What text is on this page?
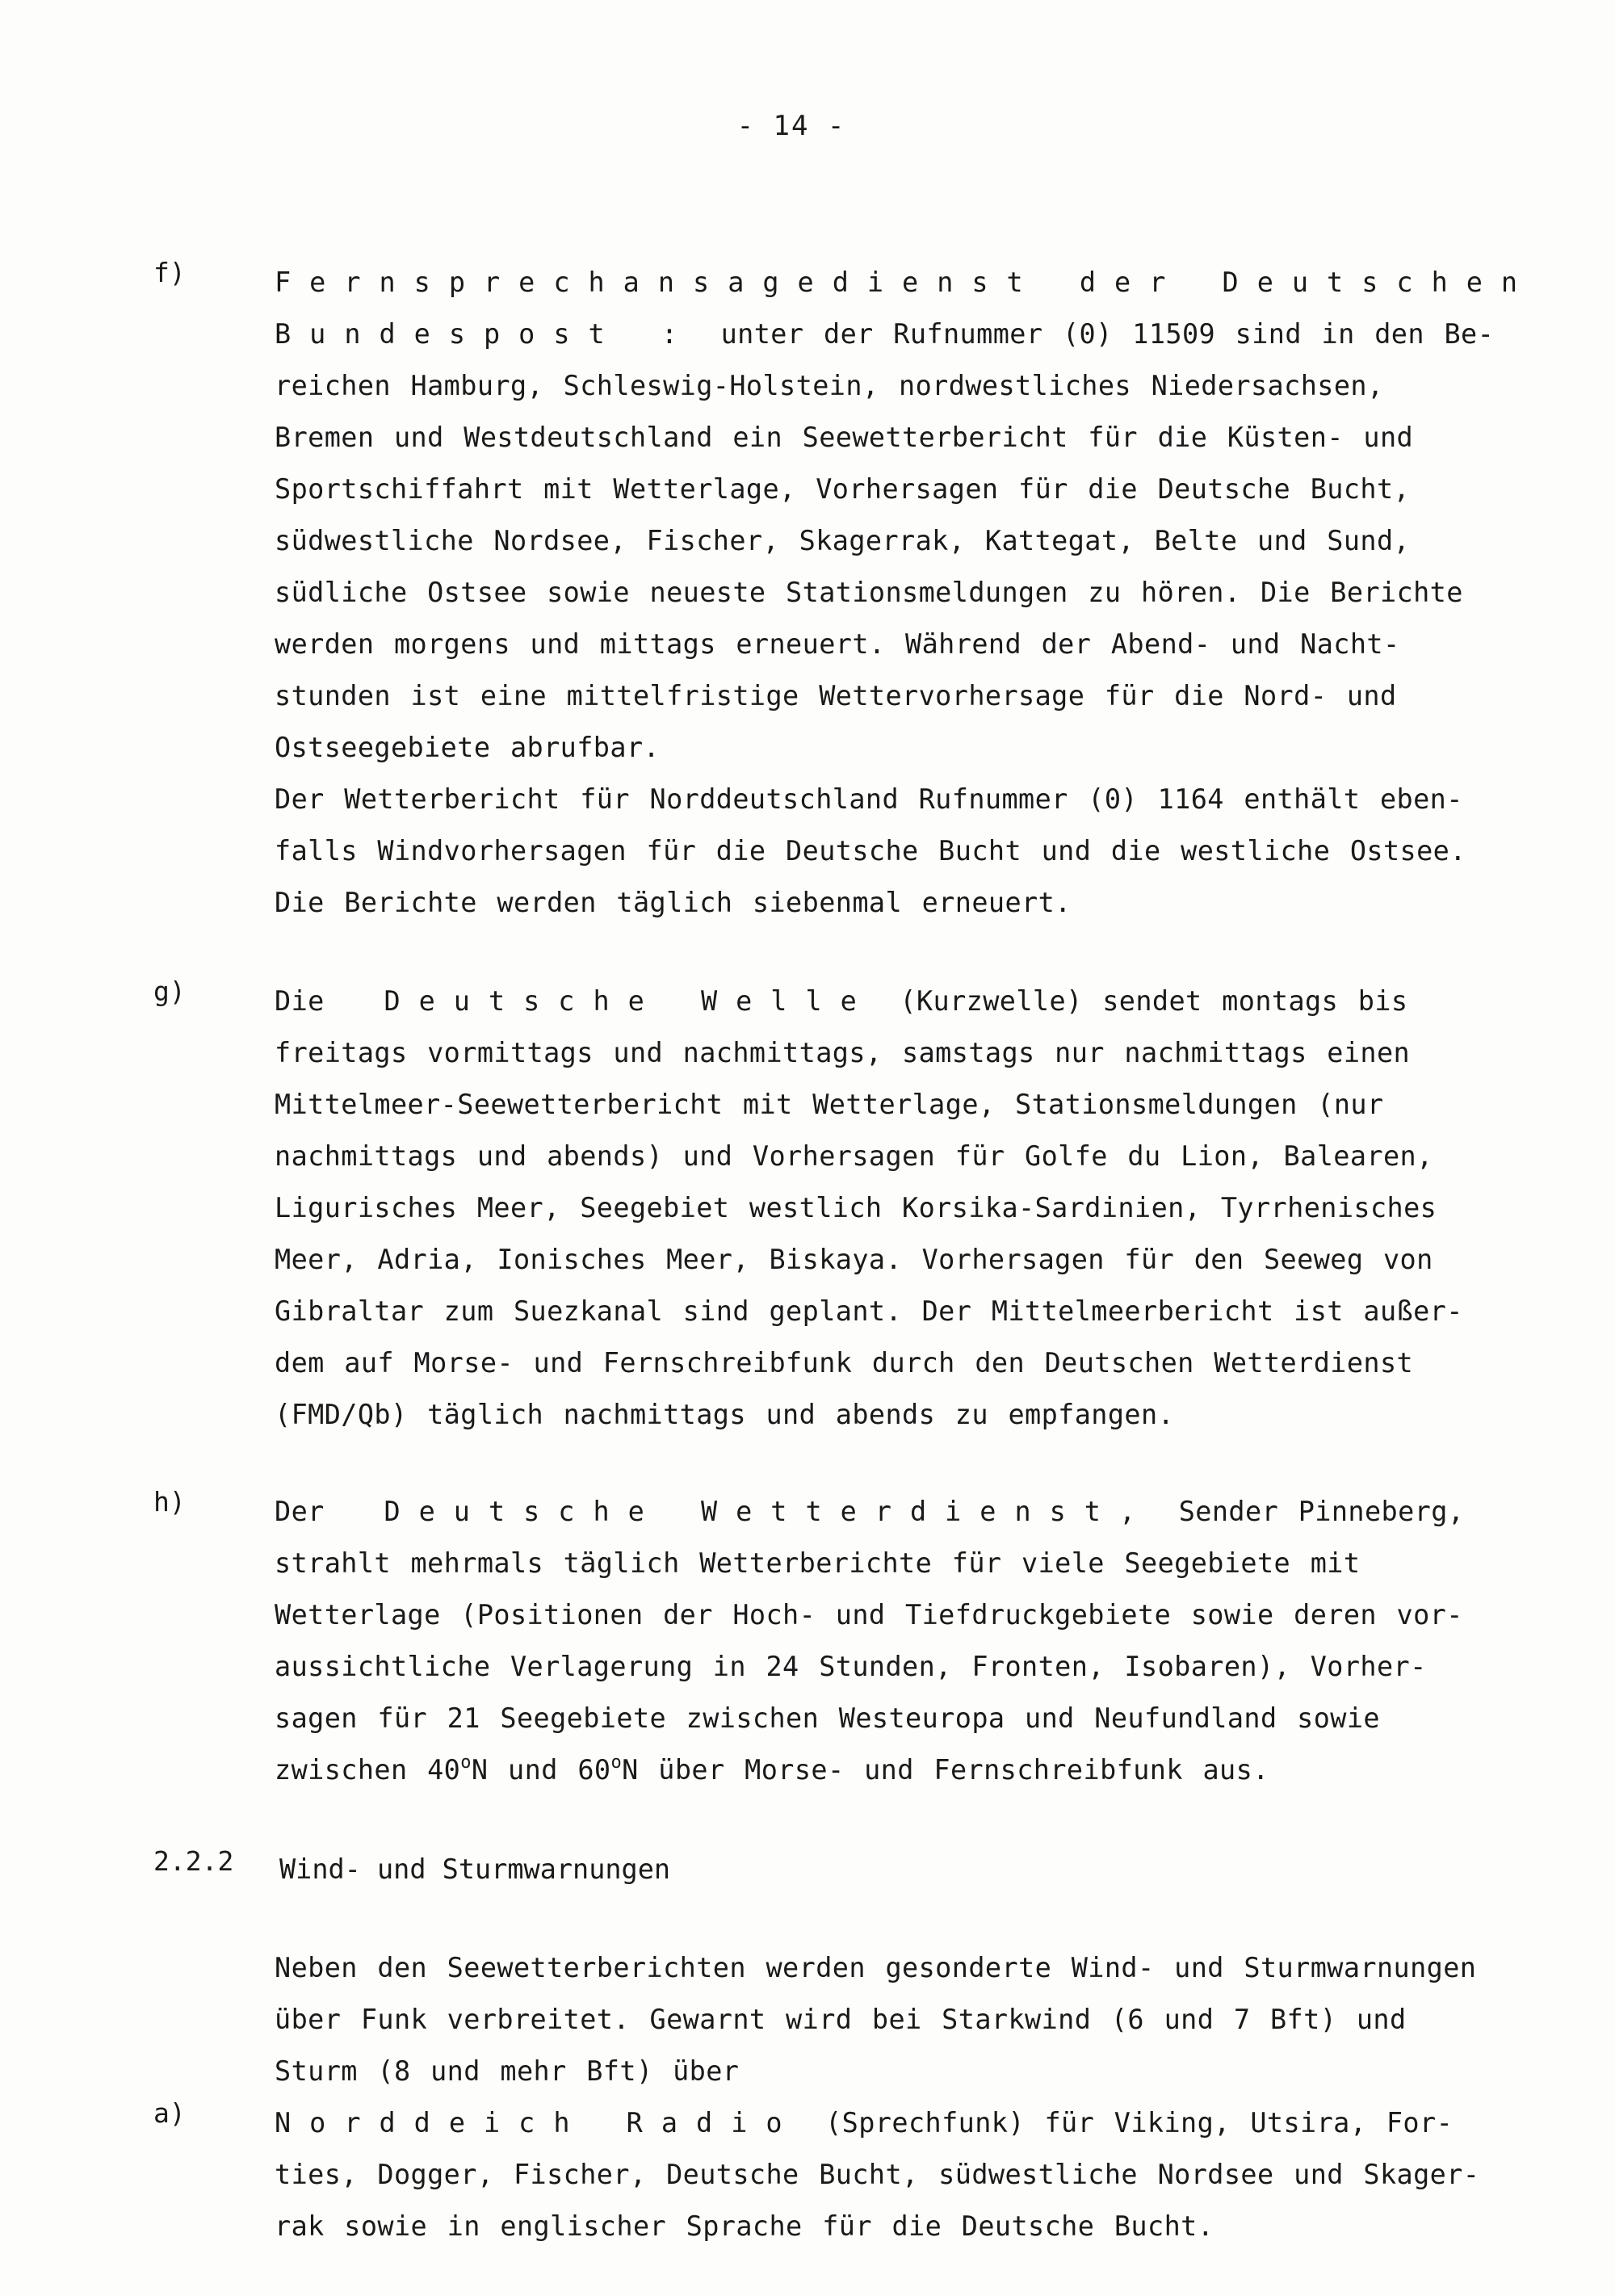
- 14 -
f)	Fernsprechansagedienst der Deutschen
Bundespost : unter der Rufnummer (0) 11509 sind in den Be-
reichen Hamburg, Schleswig-Holstein, nordwestliches Niedersachsen,
Bremen und Westdeutschland ein Seewetterbericht für die Küsten- und
Sportschiffahrt mit Wetterlage, Vorhersagen für die Deutsche Bucht,
südwestliche Nordsee, Fischer, Skagerrak, Kattegat, Belte und Sund,
südliche Ostsee sowie neueste Stationsmeldungen zu hören. Die Berichte
werden morgens und mittags erneuert. Während der Abend- und Nacht-
stunden ist eine mittelfristige Wettervorhersage für die Nord- und
Ostseegebiete abrufbar.
Der Wetterbericht für Norddeutschland Rufnummer (0) 1164 enthält eben-
falls Windvorhersagen für die Deutsche Bucht und die westliche Ostsee.
Die Berichte werden täglich siebenmal erneuert.
g)	Die Deutsche Welle (Kurzwelle) sendet montags bis
freitags vormittags und nachmittags, samstags nur nachmittags einen
Mittelmeer-Seewetterbericht mit Wetterlage, Stationsmeldungen (nur
nachmittags und abends) und Vorhersagen für Golfe du Lion, Balearen,
Ligurisches Meer, Seegebiet westlich Korsika-Sardinien, Tyrrhenisches
Meer, Adria, Ionisches Meer, Biskaya. Vorhersagen für den Seeweg von
Gibraltar zum Suezkanal sind geplant. Der Mittelmeerbericht ist außer-
dem auf Morse- und Fernschreibfunk durch den Deutschen Wetterdienst
(FMD/Qb) täglich nachmittags und abends zu empfangen.
h)	Der Deutsche Wetterdienst, Sender Pinneberg,
strahlt mehrmals täglich Wetterberichte für viele Seegebiete mit
Wetterlage (Positionen der Hoch- und Tiefdruckgebiete sowie deren vor-
aussichtliche Verlagerung in 24 Stunden, Fronten, Isobaren), Vorher-
sagen für 21 Seegebiete zwischen Westeuropa und Neufundland sowie
zwischen 40$^o$N und 60$^o$N über Morse- und Fernschreibfunk aus.
2.2.2 Wind- und Sturmwarnungen
Neben den Seewetterberichten werden gesonderte Wind- und Sturmwarnungen
über Funk verbreitet. Gewarnt wird bei Starkwind (6 und 7 Bft) und
Sturm (8 und mehr Bft) über
a)	Norddeich Radio (Sprechfunk) für Viking, Utsira, For-
ties, Dogger, Fischer, Deutsche Bucht, südwestliche Nordsee und Skager-
rak sowie in englischer Sprache für die Deutsche Bucht.
